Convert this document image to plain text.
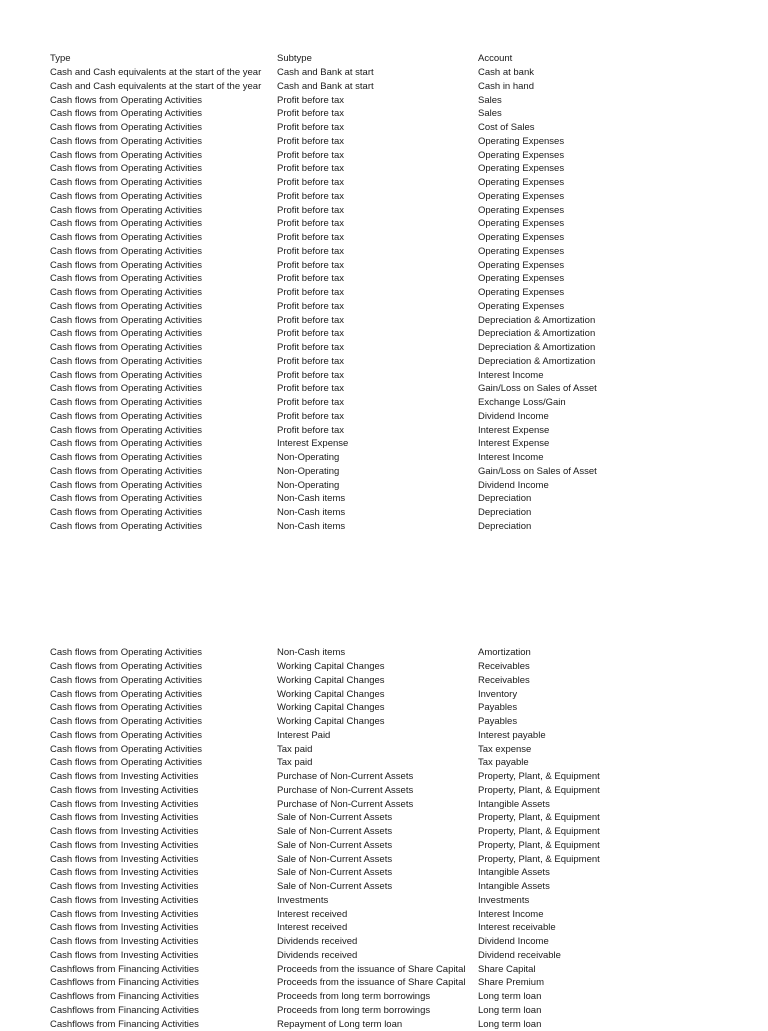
Type	Subtype	Account
Cash and Cash equivalents at the start of the year	Cash and Bank at start	Cash at bank
Cash and Cash equivalents at the start of the year	Cash and Bank at start	Cash in hand
Cash flows from Operating Activities	Profit before tax	Sales
Cash flows from Operating Activities	Profit before tax	Sales
Cash flows from Operating Activities	Profit before tax	Cost of Sales
Cash flows from Operating Activities	Profit before tax	Operating Expenses
Cash flows from Operating Activities	Profit before tax	Operating Expenses
Cash flows from Operating Activities	Profit before tax	Operating Expenses
Cash flows from Operating Activities	Profit before tax	Operating Expenses
Cash flows from Operating Activities	Profit before tax	Operating Expenses
Cash flows from Operating Activities	Profit before tax	Operating Expenses
Cash flows from Operating Activities	Profit before tax	Operating Expenses
Cash flows from Operating Activities	Profit before tax	Operating Expenses
Cash flows from Operating Activities	Profit before tax	Operating Expenses
Cash flows from Operating Activities	Profit before tax	Operating Expenses
Cash flows from Operating Activities	Profit before tax	Operating Expenses
Cash flows from Operating Activities	Profit before tax	Operating Expenses
Cash flows from Operating Activities	Profit before tax	Operating Expenses
Cash flows from Operating Activities	Profit before tax	Depreciation & Amortization
Cash flows from Operating Activities	Profit before tax	Depreciation & Amortization
Cash flows from Operating Activities	Profit before tax	Depreciation & Amortization
Cash flows from Operating Activities	Profit before tax	Depreciation & Amortization
Cash flows from Operating Activities	Profit before tax	Interest Income
Cash flows from Operating Activities	Profit before tax	Gain/Loss on Sales of Asset
Cash flows from Operating Activities	Profit before tax	Exchange Loss/Gain
Cash flows from Operating Activities	Profit before tax	Dividend Income
Cash flows from Operating Activities	Profit before tax	Interest Expense
Cash flows from Operating Activities	Interest Expense	Interest Expense
Cash flows from Operating Activities	Non-Operating	Interest Income
Cash flows from Operating Activities	Non-Operating	Gain/Loss on Sales of Asset
Cash flows from Operating Activities	Non-Operating	Dividend Income
Cash flows from Operating Activities	Non-Cash items	Depreciation
Cash flows from Operating Activities	Non-Cash items	Depreciation
Cash flows from Operating Activities	Non-Cash items	Depreciation
Cash flows from Operating Activities	Non-Cash items	Amortization
Cash flows from Operating Activities	Working Capital Changes	Receivables
Cash flows from Operating Activities	Working Capital Changes	Receivables
Cash flows from Operating Activities	Working Capital Changes	Inventory
Cash flows from Operating Activities	Working Capital Changes	Payables
Cash flows from Operating Activities	Working Capital Changes	Payables
Cash flows from Operating Activities	Interest Paid	Interest payable
Cash flows from Operating Activities	Tax paid	Tax expense
Cash flows from Operating Activities	Tax paid	Tax payable
Cash flows from Investing Activities	Purchase of Non-Current Assets	Property, Plant, & Equipment
Cash flows from Investing Activities	Purchase of Non-Current Assets	Property, Plant, & Equipment
Cash flows from Investing Activities	Purchase of Non-Current Assets	Intangible Assets
Cash flows from Investing Activities	Sale of Non-Current Assets	Property, Plant, & Equipment
Cash flows from Investing Activities	Sale of Non-Current Assets	Property, Plant, & Equipment
Cash flows from Investing Activities	Sale of Non-Current Assets	Property, Plant, & Equipment
Cash flows from Investing Activities	Sale of Non-Current Assets	Property, Plant, & Equipment
Cash flows from Investing Activities	Sale of Non-Current Assets	Intangible Assets
Cash flows from Investing Activities	Sale of Non-Current Assets	Intangible Assets
Cash flows from Investing Activities	Investments	Investments
Cash flows from Investing Activities	Interest received	Interest Income
Cash flows from Investing Activities	Interest received	Interest receivable
Cash flows from Investing Activities	Dividends received	Dividend Income
Cash flows from Investing Activities	Dividends received	Dividend receivable
Cashflows from Financing Activities	Proceeds from the issuance of Share Capital	Share Capital
Cashflows from Financing Activities	Proceeds from the issuance of Share Capital	Share Premium
Cashflows from Financing Activities	Proceeds from long term borrowings	Long term loan
Cashflows from Financing Activities	Proceeds from long term borrowings	Long term loan
Cashflows from Financing Activities	Repayment of Long term loan	Long term loan
